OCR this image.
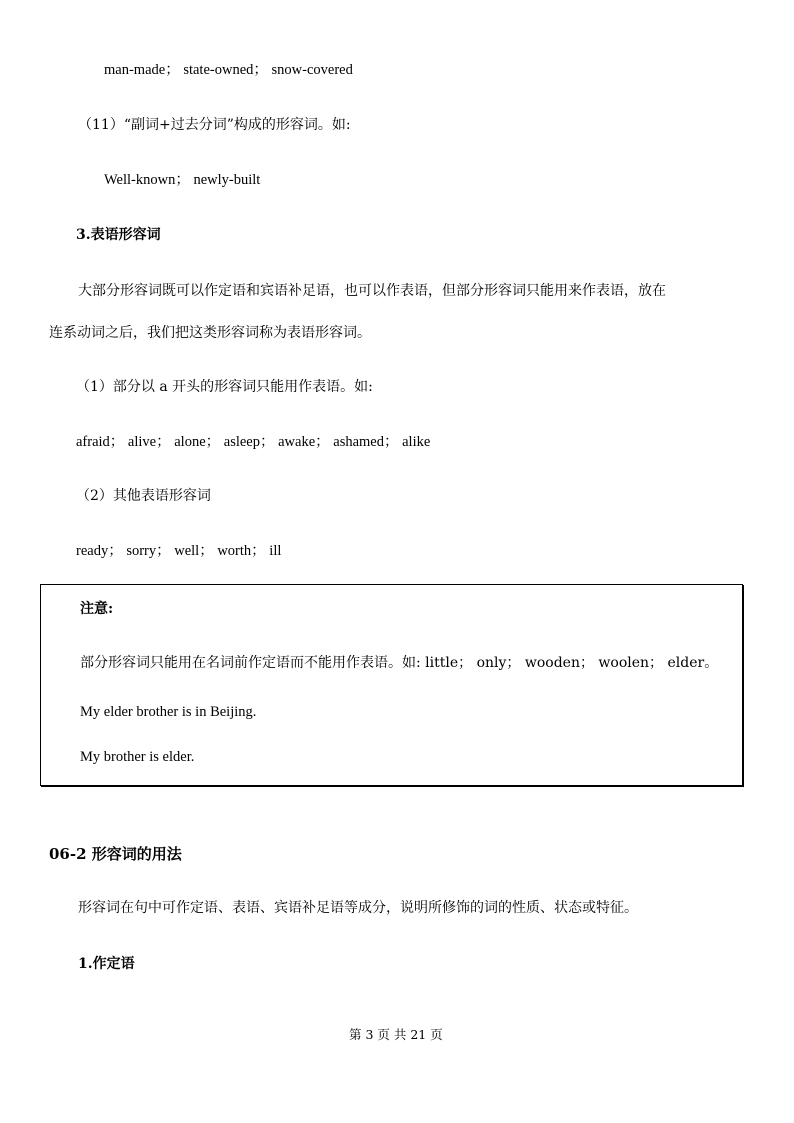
man-made； state-owned； snow-covered
（11）“副词+过去分词”构成的形容词。如:
Well-known； newly-built
3.表语形容词
大部分形容词既可以作定语和宾语补足语，也可以作表语，但部分形容词只能用来作表语，放在
连系动词之后，我们把这类形容词称为表语形容词。
（1）部分以 a 开头的形容词只能用作表语。如:
afraid； alive； alone； asleep； awake； ashamed； alike
（2）其他表语形容词
ready； sorry； well； worth； ill
注意:
部分形容词只能用在名词前作定语而不能用作表语。如: little； only； wooden； woolen； elder。
My elder brother is in Beijing.
My brother is elder.
06-2 形容词的用法
形容词在句中可作定语、表语、宾语补足语等成分，说明所修饰的词的性质、状态或特征。
1.作定语
第 3 页 共 21 页
